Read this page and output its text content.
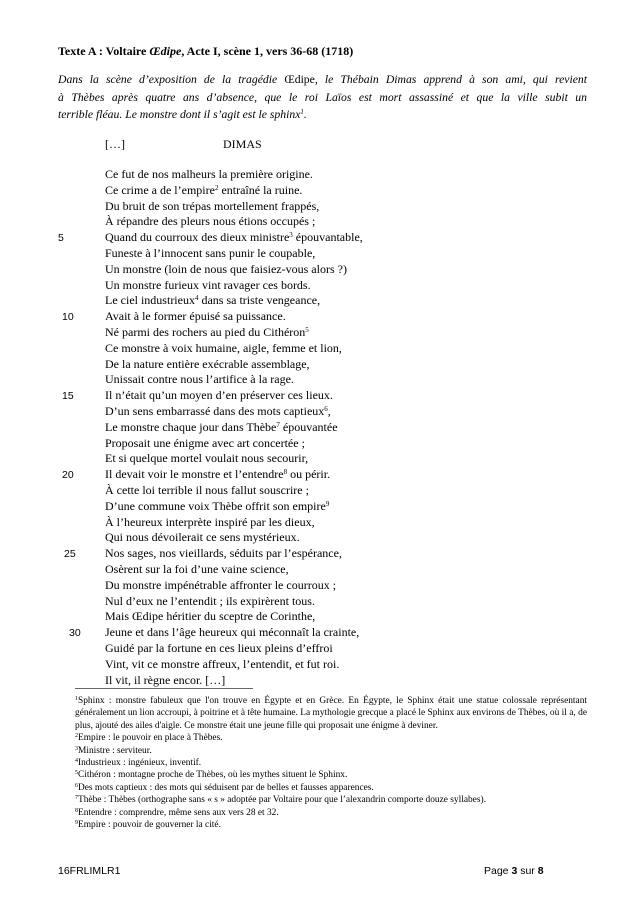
Texte A : Voltaire Œdipe, Acte I, scène 1, vers 36-68 (1718)
Dans la scène d’exposition de la tragédie Œdipe, le Thébain Dimas apprend à son ami, qui revient
à Thèbes après quatre ans d’absence, que le roi Laïos est mort assassiné et que la ville subit un
terrible fléau. Le monstre dont il s’agit est le sphinx$^1$.
[…]	DIMAS
Ce fut de nos malheurs la première origine.
Ce crime a de l’empire$^2$ entraîné la ruine.
Du bruit de son trépas mortellement frappés,
À répandre des pleurs nous étions occupés ;
Quand du courroux des dieux ministre$^3$ épouvantable,
Funeste à l’innocent sans punir le coupable,
Un monstre (loin de nous que faisiez-vous alors ?)
Un monstre furieux vint ravager ces bords.
Le ciel industrieux$^4$ dans sa triste vengeance,
Avait à le former épuisé sa puissance.
Né parmi des rochers au pied du Cithéron$^5$
Ce monstre à voix humaine, aigle, femme et lion,
De la nature entière exécrable assemblage,
Unissait contre nous l’artifice à la rage.
Il n’était qu’un moyen d’en préserver ces lieux.
D’un sens embarrassé dans des mots captieux$^6$,
Le monstre chaque jour dans Thèbe$^7$ épouvantée
Proposait une énigme avec art concertée ;
Et si quelque mortel voulait nous secourir,
Il devait voir le monstre et l’entendre$^8$ ou périr.
À cette loi terrible il nous fallut souscrire ;
D’une commune voix Thèbe offrit son empire$^9$
À l’heureux interprète inspiré par les dieux,
Qui nous dévoilerait ce sens mystérieux.
Nos sages, nos vieillards, séduits par l’espérance,
Osèrent sur la foi d’une vaine science,
Du monstre impénétrable affronter le courroux ;
Nul d’eux ne l’entendit ; ils expirèrent tous.
Mais Œdipe héritier du sceptre de Corinthe,
Jeune et dans l’âge heureux qui méconnaît la crainte,
Guidé par la fortune en ces lieux pleins d’effroi
Vint, vit ce monstre affreux, l’entendit, et fut roi.
Il vit, il règne encor. […]
5
10
15
20
25
30
$^1$Sphinx : monstre fabuleux que l'on trouve en Égypte et en Grèce. En Égypte, le Sphinx était une statue colossale représentant généralement un lion accroupi, à poitrine et à tête humaine. La mythologie grecque a placé le Sphinx aux environs de Thèbes, où il a, de plus, ajouté des ailes d'aigle. Ce monstre était une jeune fille qui proposait une énigme à deviner.
$^2$Empire : le pouvoir en place à Thèbes.
$^3$Ministre : serviteur.
$^4$Industrieux : ingénieux, inventif.
$^5$Cithéron : montagne proche de Thèbes, où les mythes situent le Sphinx.
$^6$Des mots captieux : des mots qui séduisent par de belles et fausses apparences.
$^7$Thèbe : Thèbes (orthographe sans « s » adoptée par Voltaire pour que l’alexandrin comporte douze syllabes).
$^8$Entendre : comprendre, même sens aux vers 28 et 32.
$^9$Empire : pouvoir de gouverner la cité.
16FRLIMLR1	Page 3 sur 8
